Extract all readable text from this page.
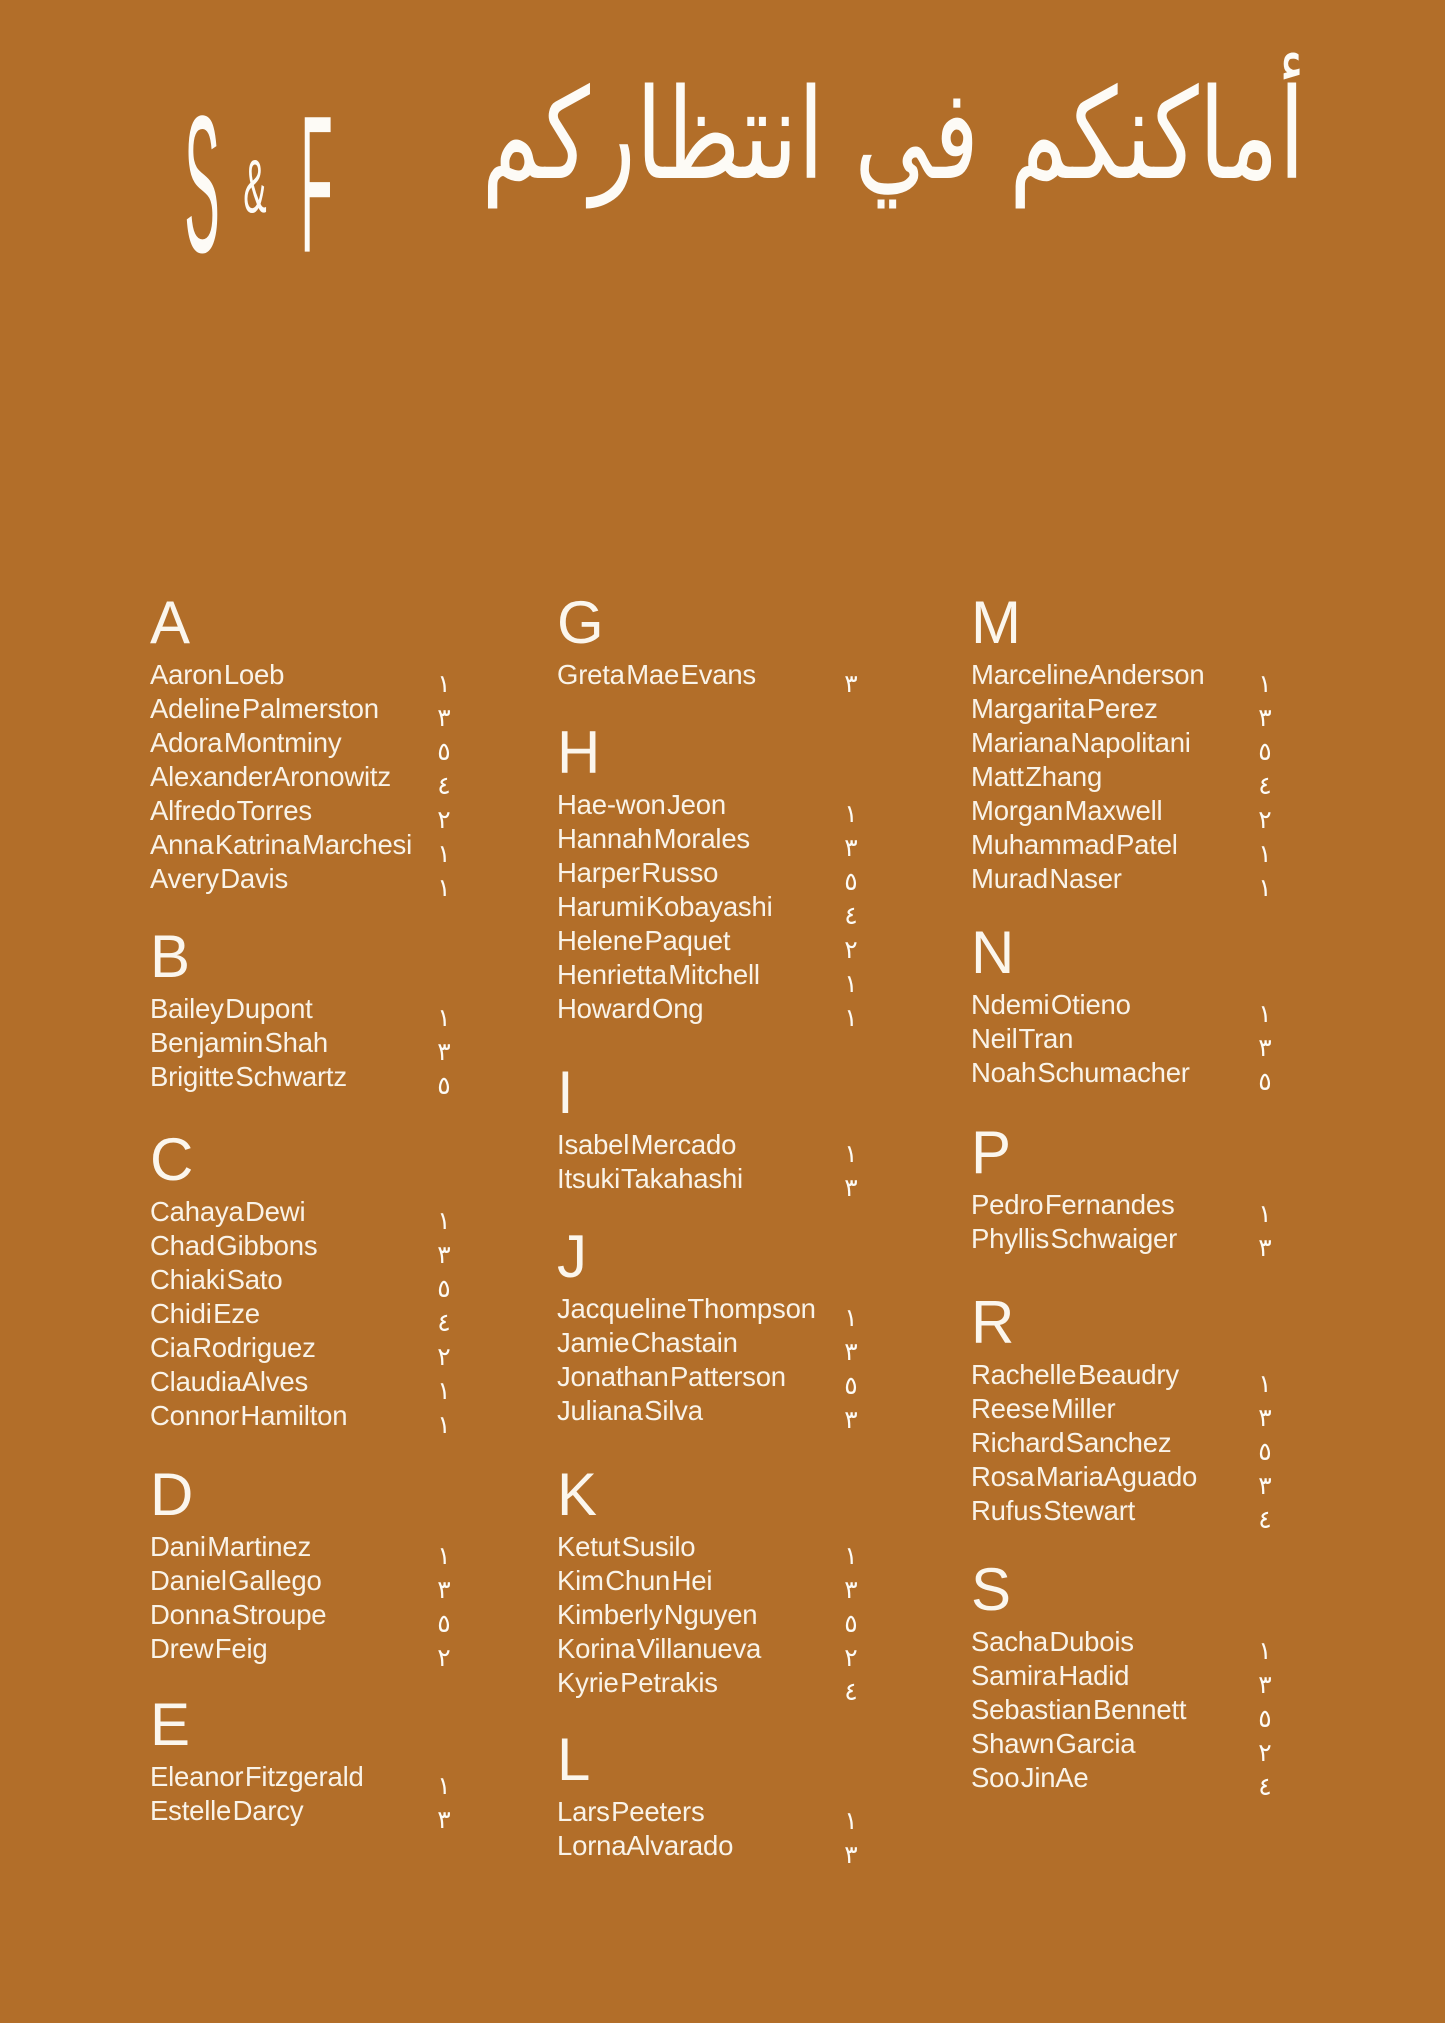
S & F أماكنكم في انتظاركم
A
Aaron Loeb	١
Adeline Palmerston	٣
Adora Montminy	٥
Alexander Aronowitz	٤
Alfredo Torres	٢
Anna Katrina Marchesi	١
Avery Davis	١
B
Bailey Dupont	١
Benjamin Shah	٣
Brigitte Schwartz	٥
C
Cahaya Dewi	١
Chad Gibbons	٣
Chiaki Sato	٥
Chidi Eze	٤
Cia Rodriguez	٢
Claudia Alves	١
Connor Hamilton	١
D
Dani Martinez	١
Daniel Gallego	٣
Donna Stroupe	٥
Drew Feig	٢
E
Eleanor Fitzgerald	١
Estelle Darcy	٣
G
Greta Mae Evans	٣
H
Hae-won Jeon	١
Hannah Morales	٣
Harper Russo	٥
Harumi Kobayashi	٤
Helene Paquet	٢
Henrietta Mitchell	١
Howard Ong	١
I
Isabel Mercado	١
Itsuki Takahashi	٣
J
Jacqueline Thompson	١
Jamie Chastain	٣
Jonathan Patterson	٥
Juliana Silva	٣
K
Ketut Susilo	١
Kim Chun Hei	٣
Kimberly Nguyen	٥
Korina Villanueva	٢
Kyrie Petrakis	٤
L
Lars Peeters	١
Lorna Alvarado	٣
M
Marceline Anderson	١
Margarita Perez	٣
Mariana Napolitani	٥
Matt Zhang	٤
Morgan Maxwell	٢
Muhammad Patel	١
Murad Naser	١
N
Ndemi Otieno	١
Neil Tran	٣
Noah Schumacher	٥
P
Pedro Fernandes	١
Phyllis Schwaiger	٣
R
Rachelle Beaudry	١
Reese Miller	٣
Richard Sanchez	٥
Rosa Maria Aguado	٣
Rufus Stewart	٤
S
Sacha Dubois	١
Samira Hadid	٣
Sebastian Bennett	٥
Shawn Garcia	٢
Soo Jin Ae	٤
